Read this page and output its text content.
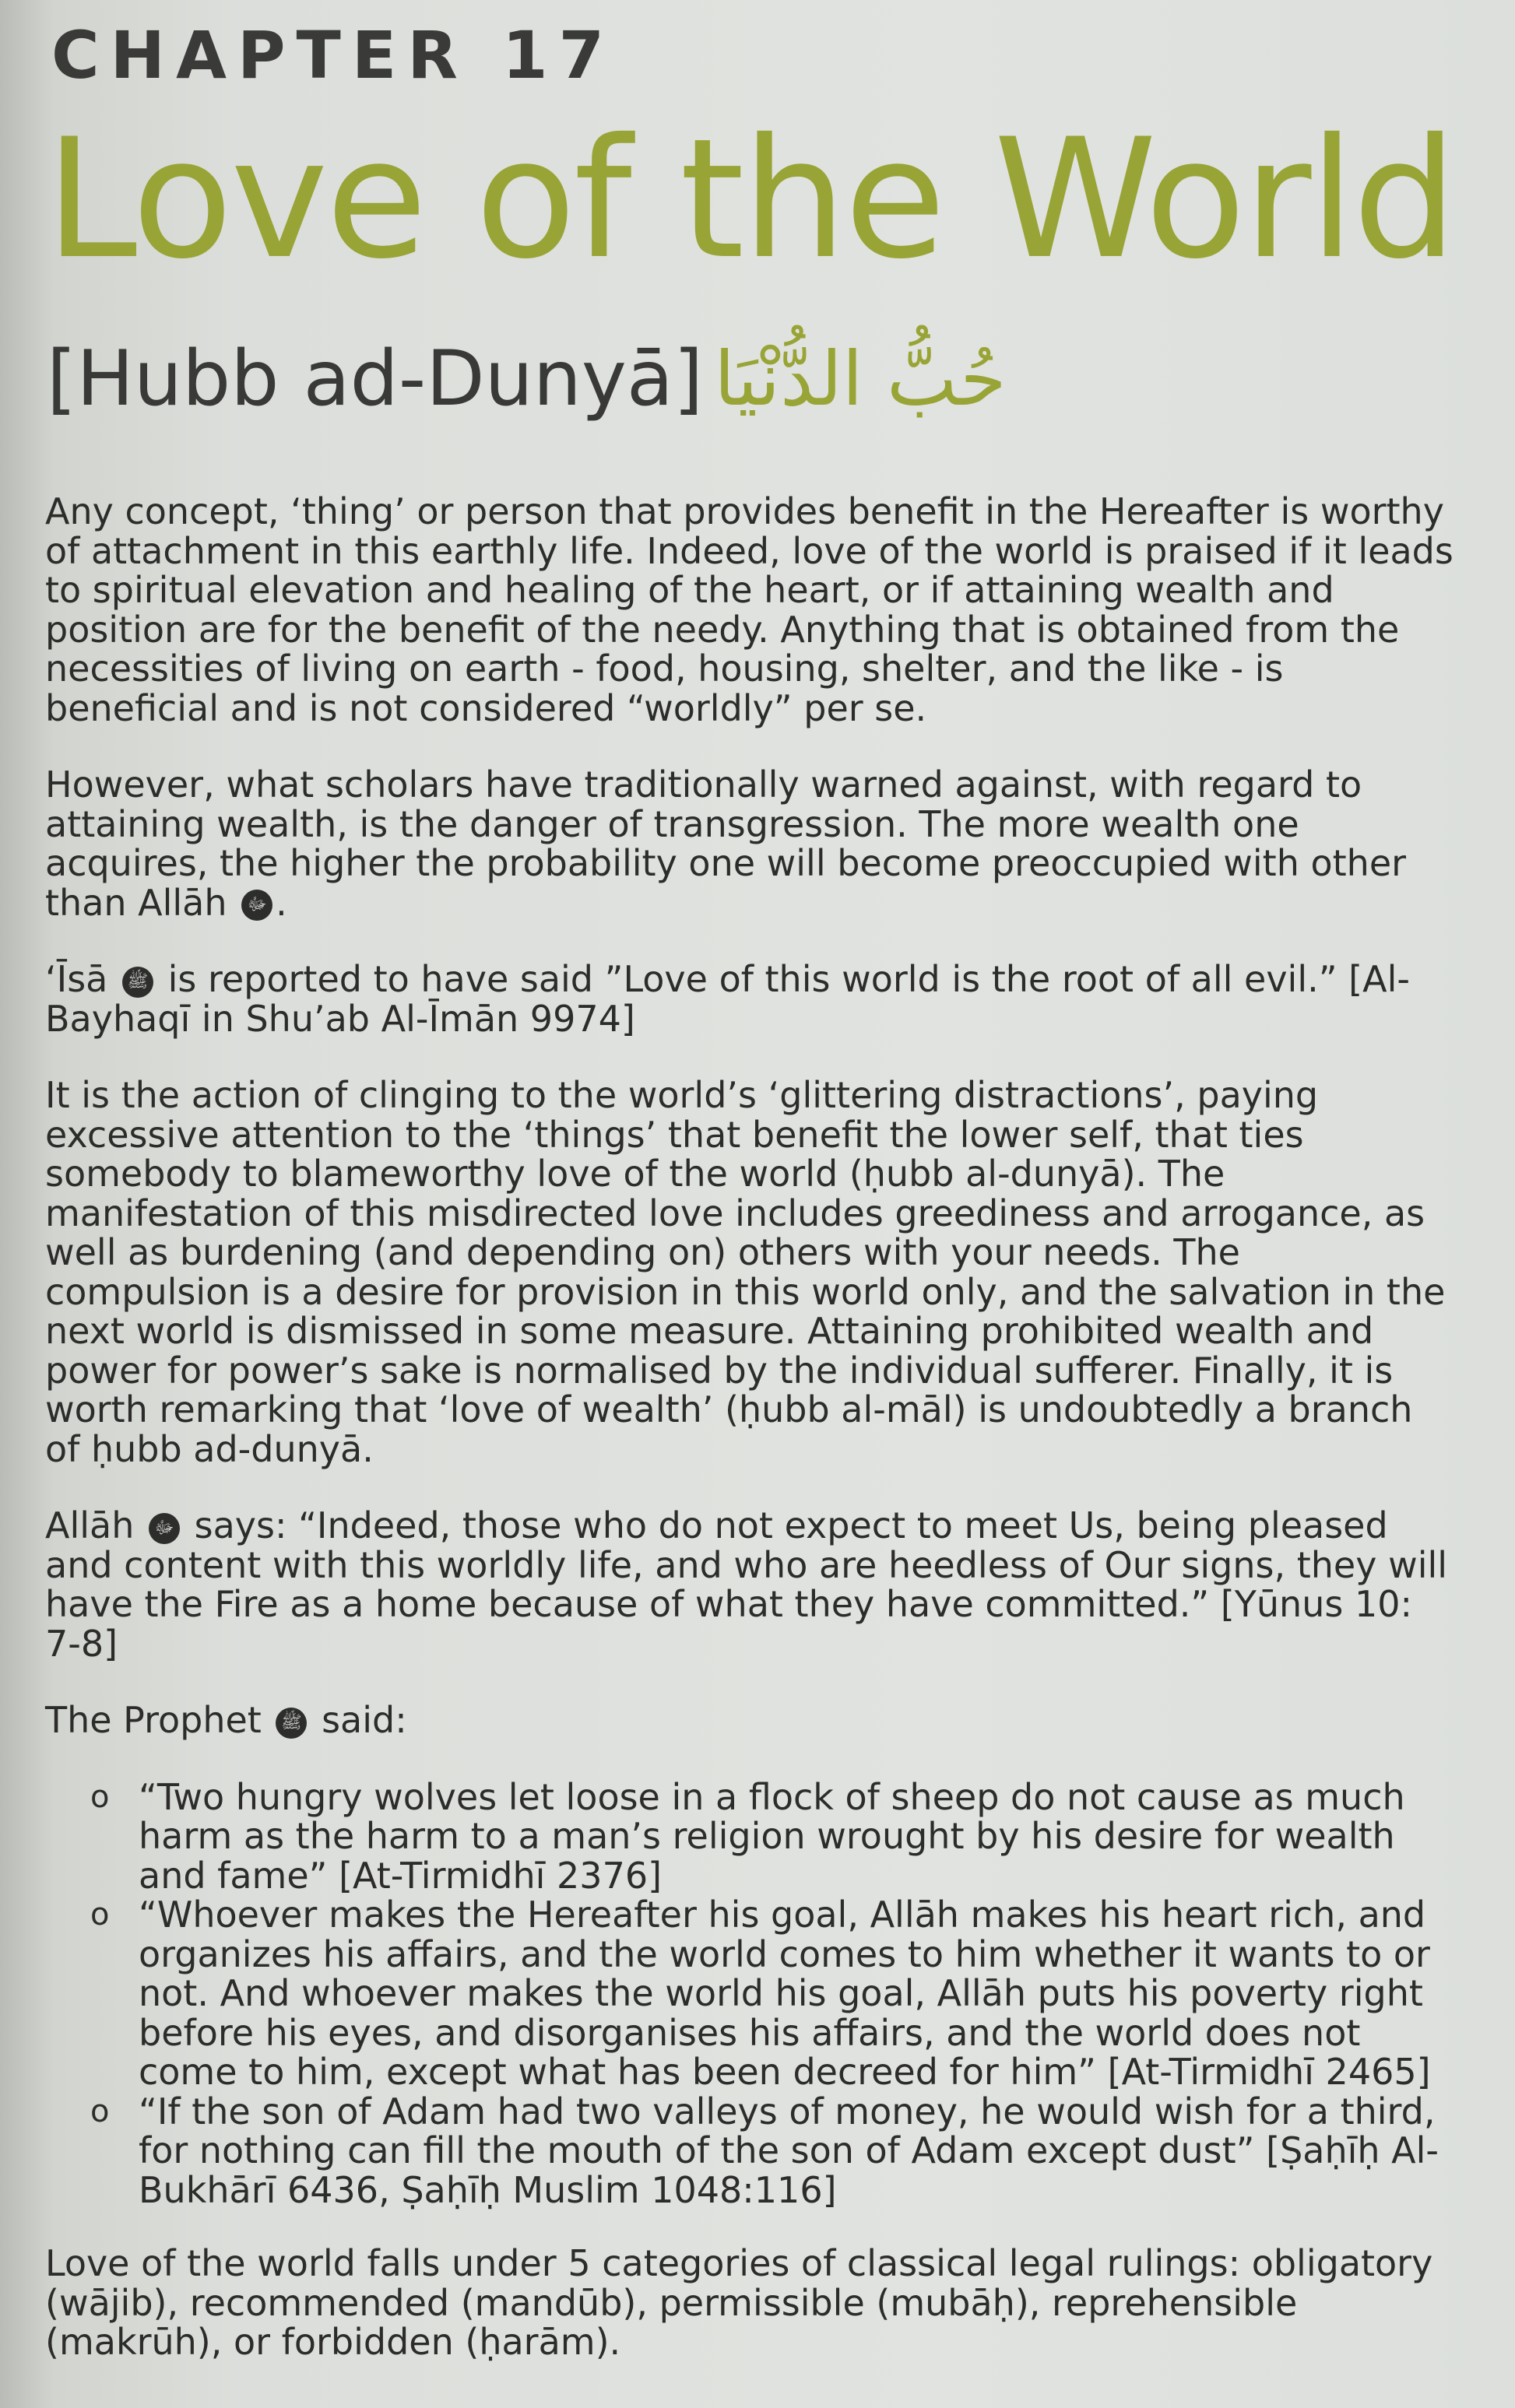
CHAPTER 17
Love of the World
[Hubb ad-Dunyā] حُبُّ الدُّنْيَا

Any concept, ‘thing’ or person that provides benefit in the Hereafter is worthy of attachment in this earthly life. Indeed, love of the world is praised if it leads to spiritual elevation and healing of the heart, or if attaining wealth and position are for the benefit of the needy. Anything that is obtained from the necessities of living on earth - food, housing, shelter, and the like - is beneficial and is not considered “worldly” per se.

However, what scholars have traditionally warned against, with regard to attaining wealth, is the danger of transgression. The more wealth one acquires, the higher the probability one will become preoccupied with other than Allāh ﷻ .

‘Īsā ﷺ is reported to have said ”Love of this world is the root of all evil.” [Al-Bayhaqī in Shu’ab Al-Īmān 9974]

It is the action of clinging to the world’s ‘glittering distractions’, paying excessive attention to the ‘things’ that benefit the lower self, that ties somebody to blameworthy love of the world (ḥubb al-dunyā). The manifestation of this misdirected love includes greediness and arrogance, as well as burdening (and depending on) others with your needs. The compulsion is a desire for provision in this world only, and the salvation in the next world is dismissed in some measure. Attaining prohibited wealth and power for power’s sake is normalised by the individual sufferer. Finally, it is worth remarking that ‘love of wealth’ (ḥubb al-māl) is undoubtedly a branch of ḥubb ad-dunyā.

Allāh ﷻ says: “Indeed, those who do not expect to meet Us, being pleased and content with this worldly life, and who are heedless of Our signs, they will have the Fire as a home because of what they have committed.” [Yūnus 10: 7-8]

The Prophet ﷺ said:

o “Two hungry wolves let loose in a flock of sheep do not cause as much harm as the harm to a man’s religion wrought by his desire for wealth and fame” [At-Tirmidhī 2376]
o “Whoever makes the Hereafter his goal, Allāh makes his heart rich, and organizes his affairs, and the world comes to him whether it wants to or not. And whoever makes the world his goal, Allāh puts his poverty right before his eyes, and disorganises his affairs, and the world does not come to him, except what has been decreed for him” [At-Tirmidhī 2465]
o “If the son of Adam had two valleys of money, he would wish for a third, for nothing can fill the mouth of the son of Adam except dust” [Ṣaḥīḥ Al-Bukhārī 6436, Ṣaḥīḥ Muslim 1048:116]

Love of the world falls under 5 categories of classical legal rulings: obligatory (wājib), recommended (mandūb), permissible (mubāḥ), reprehensible (makrūh), or forbidden (ḥarām).
